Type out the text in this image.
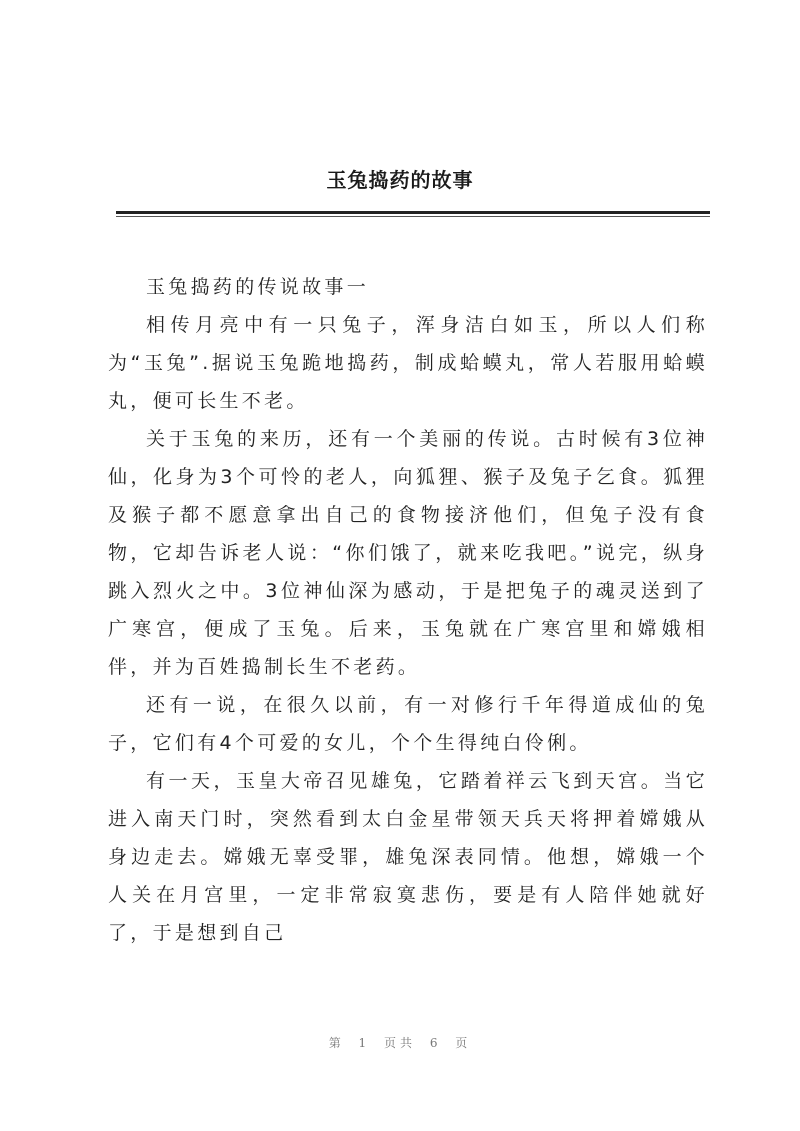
玉兔捣药的故事

玉兔捣药的传说故事一

相传月亮中有一只兔子，浑身洁白如玉，所以人们称为“玉兔”.据说玉兔跪地捣药，制成蛤蟆丸，常人若服用蛤蟆丸，便可长生不老。

关于玉兔的来历，还有一个美丽的传说。古时候有3位神仙，化身为3个可怜的老人，向狐狸、猴子及兔子乞食。狐狸及猴子都不愿意拿出自己的食物接济他们，但兔子没有食物，它却告诉老人说：“你们饿了，就来吃我吧。”说完，纵身跳入烈火之中。3位神仙深为感动，于是把兔子的魂灵送到了广寒宫，便成了玉兔。后来，玉兔就在广寒宫里和嫦娥相伴，并为百姓捣制长生不老药。

还有一说，在很久以前，有一对修行千年得道成仙的兔子，它们有4个可爱的女儿，个个生得纯白伶俐。

有一天，玉皇大帝召见雄兔，它踏着祥云飞到天宫。当它进入南天门时，突然看到太白金星带领天兵天将押着嫦娥从身边走去。嫦娥无辜受罪，雄兔深表同情。他想，嫦娥一个人关在月宫里，一定非常寂寞悲伤，要是有人陪伴她就好了，于是想到自己

第 1 页共 6 页
